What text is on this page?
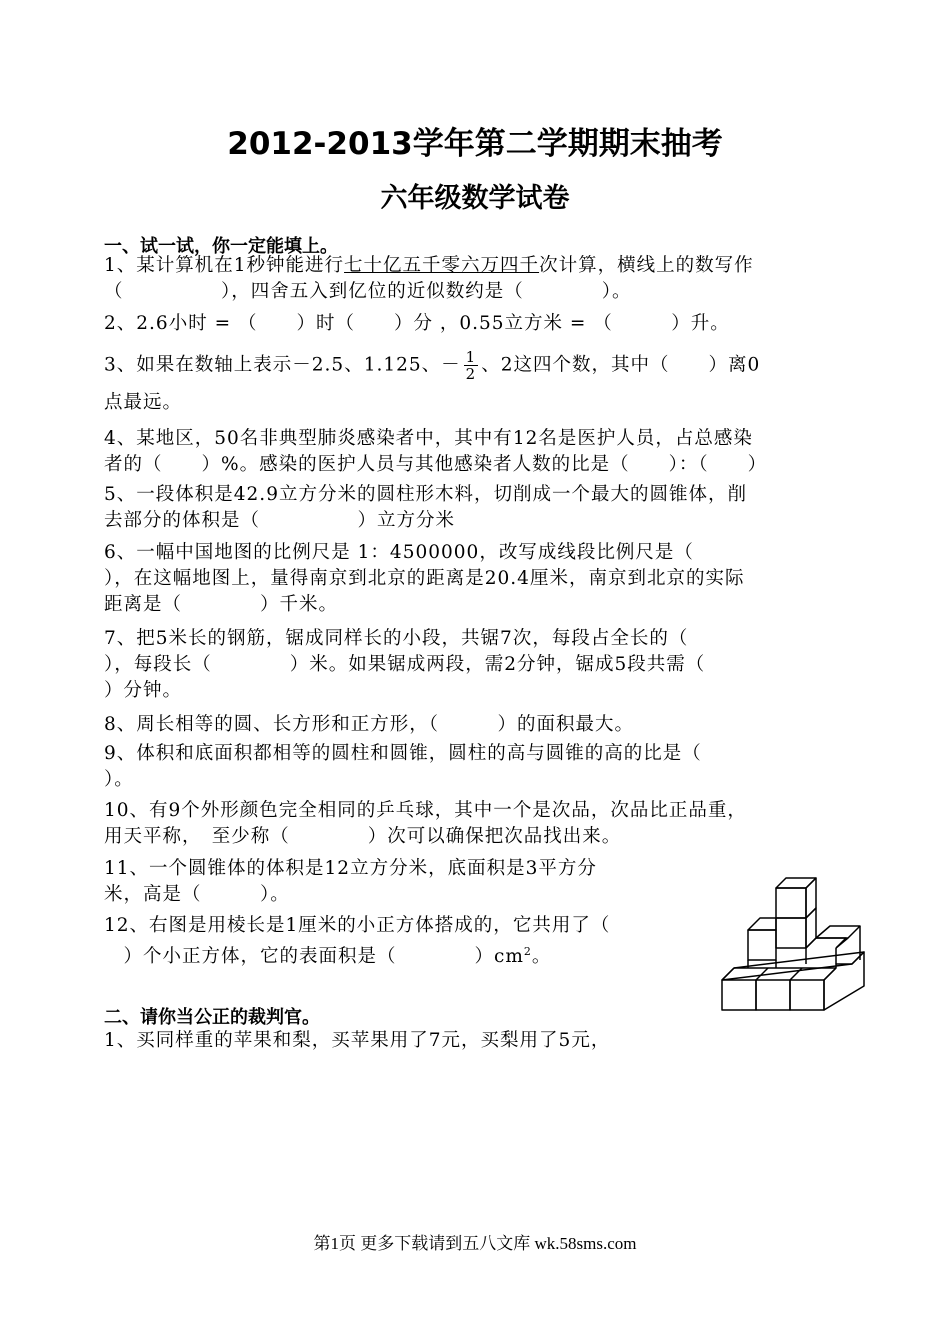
2012-2013学年第二学期期末抽考
六年级数学试卷
一、试一试，你一定能填上。
1、某计算机在1秒钟能进行七十亿五千零六万四千次计算，横线上的数写作
（　　　　　），四舍五入到亿位的近似数约是（　　　　）。
2、2.6小时 = （　　）时（　　）分 ，0.55立方米 = （　　　）升。
3、如果在数轴上表示－2.5、1.125、－ $\frac{1}{2}$ 、2这四个数，其中（　　）离0
点最远。
4、某地区，50名非典型肺炎感染者中，其中有12名是医护人员，占总感染
者的（　　）%。感染的医护人员与其他感染者人数的比是（　　）：（　　）
5、一段体积是42.9立方分米的圆柱形木料，切削成一个最大的圆锥体，削
去部分的体积是（　　　　　）立方分米
6、一幅中国地图的比例尺是 1：4500000，改写成线段比例尺是（
），在这幅地图上，量得南京到北京的距离是20.4厘米，南京到北京的实际
距离是（　　　　）千米。
7、把5米长的钢筋，锯成同样长的小段，共锯7次，每段占全长的（
），每段长（　　　　）米。如果锯成两段，需2分钟，锯成5段共需（
）分钟。
8、周长相等的圆、长方形和正方形，（　　　）的面积最大。
9、体积和底面积都相等的圆柱和圆锥，圆柱的高与圆锥的高的比是（
）。
10、有9个外形颜色完全相同的乒乓球，其中一个是次品，次品比正品重，
用天平称，　至少称（　　　　）次可以确保把次品找出来。
11、一个圆锥体的体积是12立方分米，底面积是3平方分
米，高是（　　　）。
12、右图是用棱长是1厘米的小正方体搭成的，它共用了（
　）个小正方体，它的表面积是（　　　　）$cm^2$。
二、请你当公正的裁判官。
1、买同样重的苹果和梨，买苹果用了7元，买梨用了5元，
第1页 更多下载请到五八文库 wk.58sms.com
